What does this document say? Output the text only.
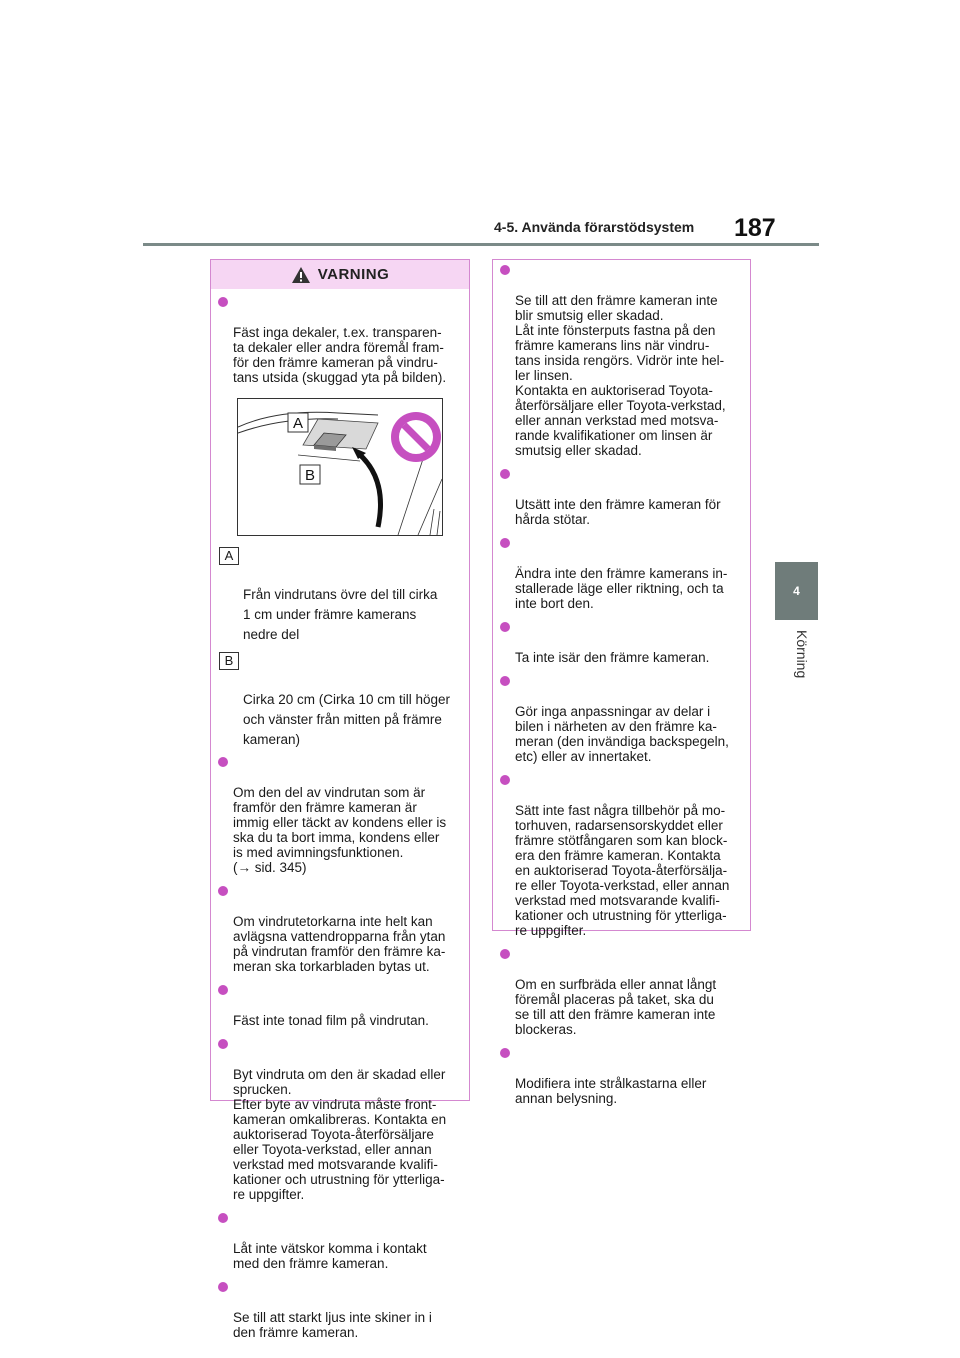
4-5. Använda förarstödsystem 187
4
Körning
VARNING

Fäst inga dekaler, t.ex. transparen-
ta dekaler eller andra föremål fram-
för den främre kameran på vindru-
tans utsida (skuggad yta på bilden).

A
B

A

Från vindrutans övre del till cirka
1 cm under främre kamerans
nedre del

B

Cirka 20 cm (Cirka 10 cm till höger
och vänster från mitten på främre
kameran)

Om den del av vindrutan som är
framför den främre kameran är
immig eller täckt av kondens eller is
ska du ta bort imma, kondens eller
is med avimningsfunktionen.
(→ sid. 345)

Om vindrutetorkarna inte helt kan
avlägsna vattendropparna från ytan
på vindrutan framför den främre ka-
meran ska torkarbladen bytas ut.

Fäst inte tonad film på vindrutan.

Byt vindruta om den är skadad eller
sprucken.
Efter byte av vindruta måste front-
kameran omkalibreras. Kontakta en
auktoriserad Toyota-återförsäljare
eller Toyota-verkstad, eller annan
verkstad med motsvarande kvalifi-
kationer och utrustning för ytterliga-
re uppgifter.

Låt inte vätskor komma i kontakt
med den främre kameran.

Se till att starkt ljus inte skiner in i
den främre kameran.

Se till att den främre kameran inte
blir smutsig eller skadad.
Låt inte fönsterputs fastna på den
främre kamerans lins när vindru-
tans insida rengörs. Vidrör inte hel-
ler linsen.
Kontakta en auktoriserad Toyota-
återförsäljare eller Toyota-verkstad,
eller annan verkstad med motsva-
rande kvalifikationer om linsen är
smutsig eller skadad.

Utsätt inte den främre kameran för
hårda stötar.

Ändra inte den främre kamerans in-
stallerade läge eller riktning, och ta
inte bort den.

Ta inte isär den främre kameran.

Gör inga anpassningar av delar i
bilen i närheten av den främre ka-
meran (den invändiga backspegeln,
etc) eller av innertaket.

Sätt inte fast några tillbehör på mo-
torhuven, radarsensorskyddet eller
främre stötfångaren som kan block-
era den främre kameran. Kontakta
en auktoriserad Toyota-återförsälja-
re eller Toyota-verkstad, eller annan
verkstad med motsvarande kvalifi-
kationer och utrustning för ytterliga-
re uppgifter.

Om en surfbräda eller annat långt
föremål placeras på taket, ska du
se till att den främre kameran inte
blockeras.

Modifiera inte strålkastarna eller
annan belysning.
